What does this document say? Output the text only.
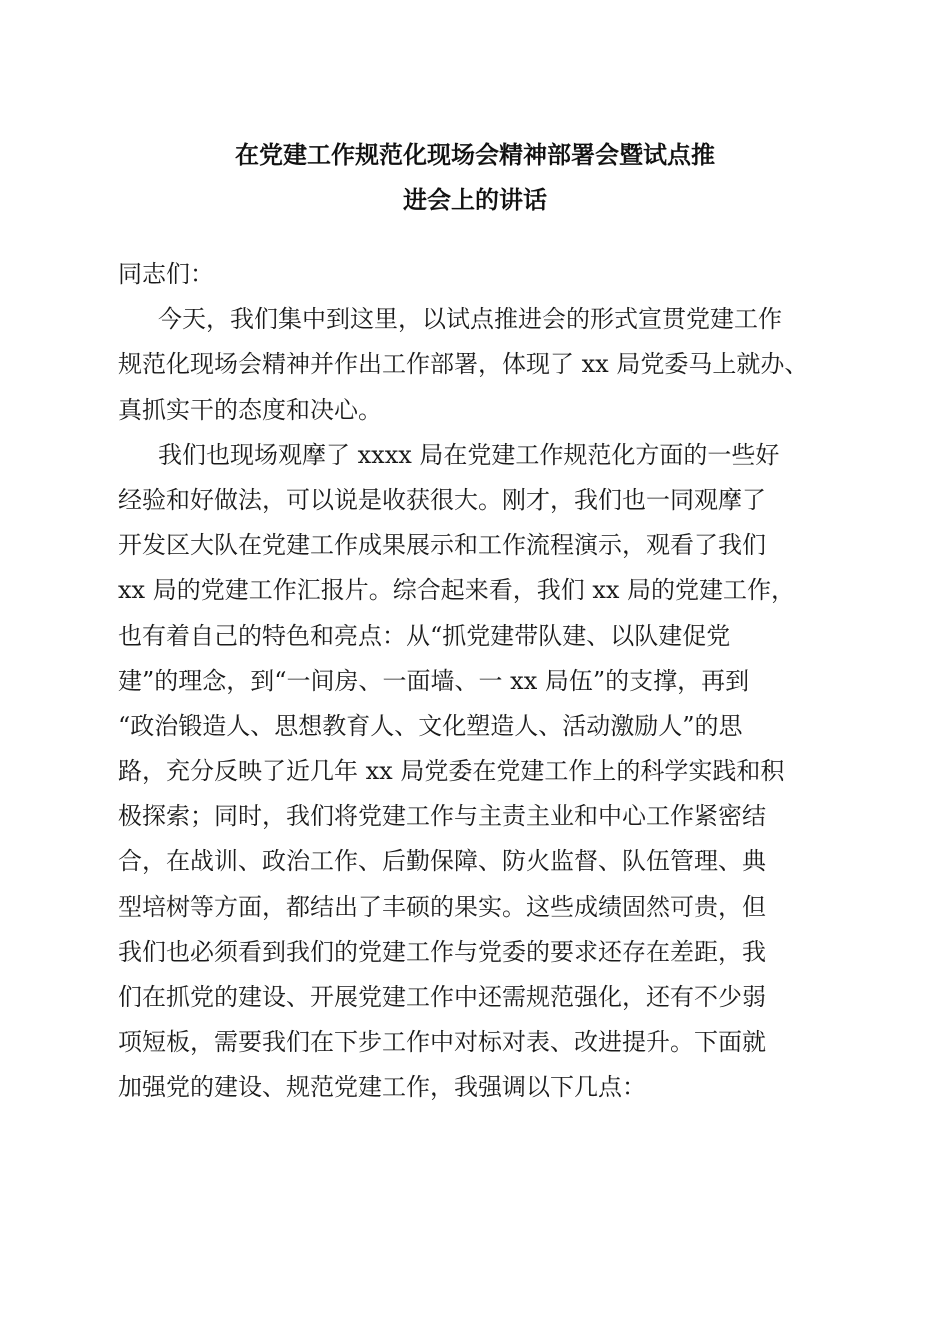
在党建工作规范化现场会精神部署会暨试点推
进会上的讲话
同志们：
今天，我们集中到这里，以试点推进会的形式宣贯党建工作
规范化现场会精神并作出工作部署，体现了 xx 局党委马上就办、
真抓实干的态度和决心。
我们也现场观摩了 xxxx 局在党建工作规范化方面的一些好
经验和好做法，可以说是收获很大。刚才，我们也一同观摩了
开发区大队在党建工作成果展示和工作流程演示，观看了我们
xx 局的党建工作汇报片。综合起来看，我们 xx 局的党建工作，
也有着自己的特色和亮点：从“抓党建带队建、以队建促党
建”的理念，到“一间房、一面墙、一 xx 局伍”的支撑，再到
“政治锻造人、思想教育人、文化塑造人、活动激励人”的思
路，充分反映了近几年 xx 局党委在党建工作上的科学实践和积
极探索；同时，我们将党建工作与主责主业和中心工作紧密结
合，在战训、政治工作、后勤保障、防火监督、队伍管理、典
型培树等方面，都结出了丰硕的果实。这些成绩固然可贵，但
我们也必须看到我们的党建工作与党委的要求还存在差距，我
们在抓党的建设、开展党建工作中还需规范强化，还有不少弱
项短板，需要我们在下步工作中对标对表、改进提升。下面就
加强党的建设、规范党建工作，我强调以下几点：
